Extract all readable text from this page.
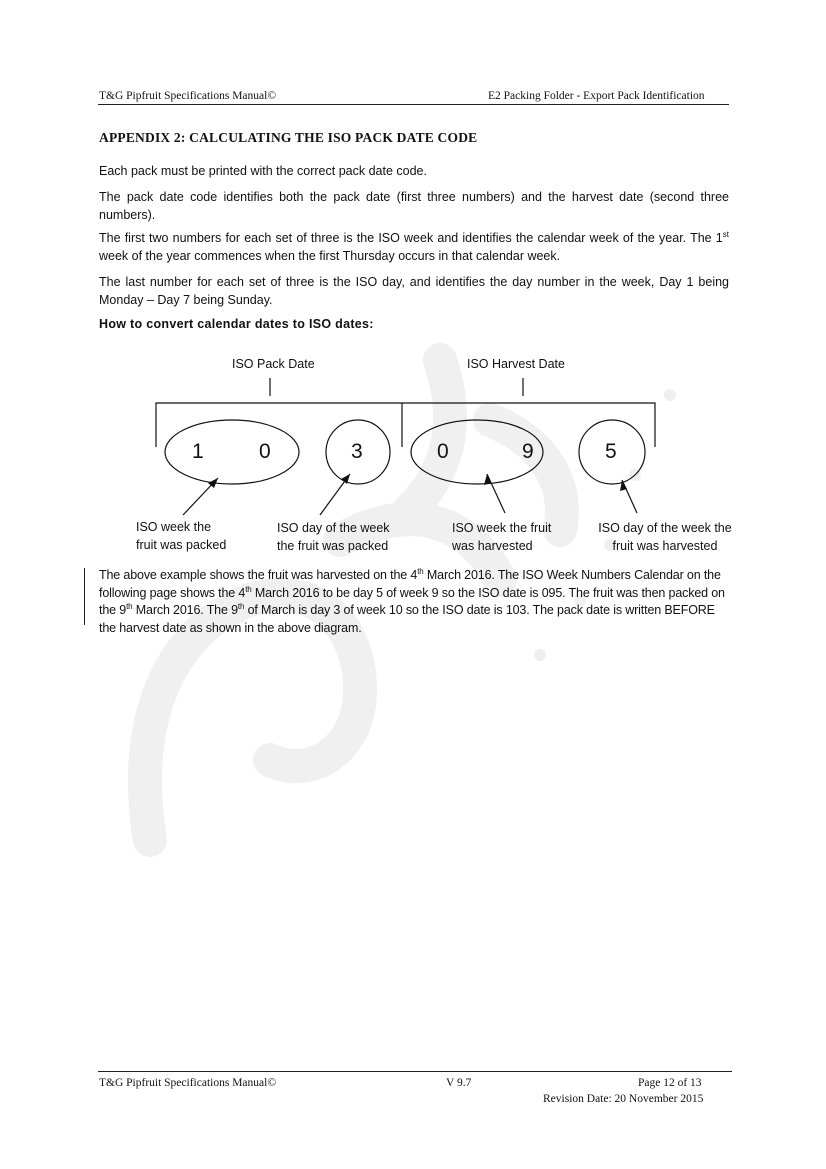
T&G Pipfruit Specifications Manual©	E2 Packing Folder - Export Pack Identification
APPENDIX 2: CALCULATING THE ISO PACK DATE CODE
Each pack must be printed with the correct pack date code.
The pack date code identifies both the pack date (first three numbers) and the harvest date (second three numbers).
The first two numbers for each set of three is the ISO week and identifies the calendar week of the year. The 1st week of the year commences when the first Thursday occurs in that calendar week.
The last number for each set of three is the ISO day, and identifies the day number in the week, Day 1 being Monday – Day 7 being Sunday.
How to convert calendar dates to ISO dates:
ISO Pack Date	ISO Harvest Date
1	0	3	0	9	5
ISO week the
fruit was packed
ISO day of the week
the fruit was packed
ISO week the fruit
was harvested
ISO day of the week the
fruit was harvested
The above example shows the fruit was harvested on the 4th March 2016. The ISO Week Numbers Calendar on the following page shows the 4th March 2016 to be day 5 of week 9 so the ISO date is 095. The fruit was then packed on the 9th March 2016. The 9th of March is day 3 of week 10 so the ISO date is 103. The pack date is written BEFORE the harvest date as shown in the above diagram.
T&G Pipfruit Specifications Manual©	V 9.7	Page 12 of 13
Revision Date: 20 November 2015
